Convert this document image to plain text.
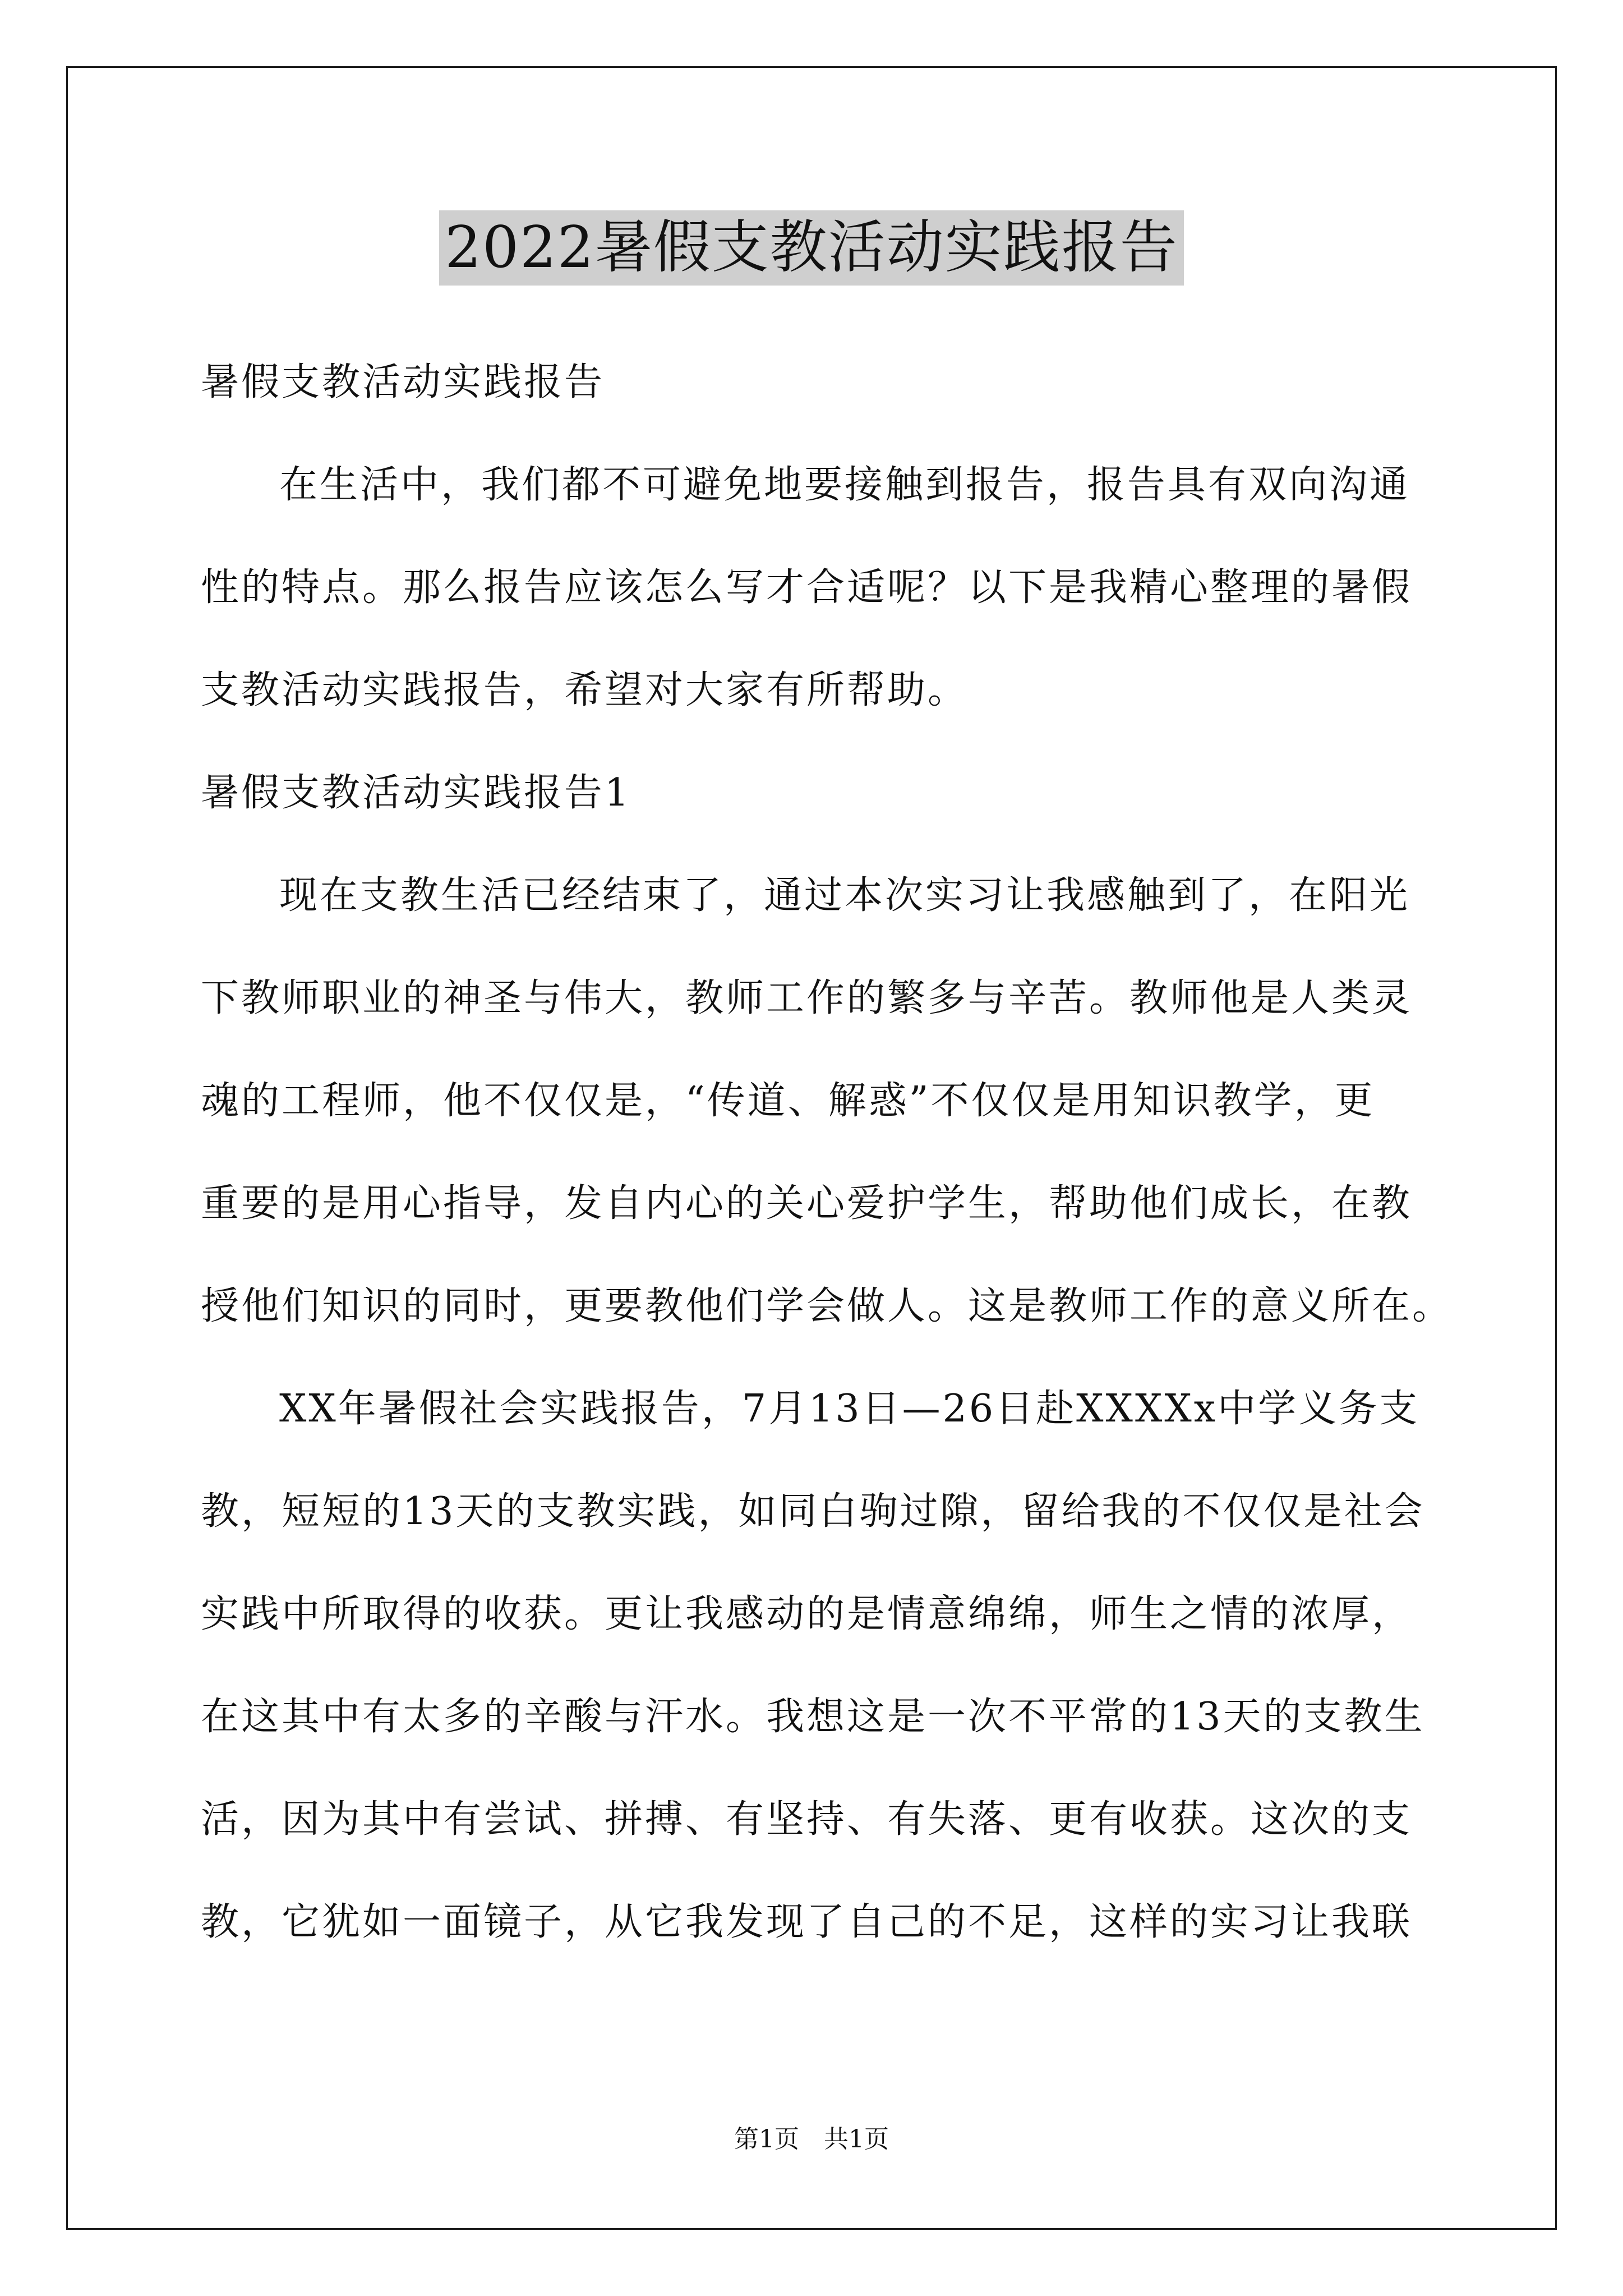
2022暑假支教活动实践报告
暑假支教活动实践报告
在生活中，我们都不可避免地要接触到报告，报告具有双向沟通
性的特点。那么报告应该怎么写才合适呢？以下是我精心整理的暑假
支教活动实践报告，希望对大家有所帮助。
暑假支教活动实践报告1
现在支教生活已经结束了，通过本次实习让我感触到了，在阳光
下教师职业的神圣与伟大，教师工作的繁多与辛苦。教师他是人类灵
魂的工程师，他不仅仅是，“传道、解惑”不仅仅是用知识教学，更
重要的是用心指导，发自内心的关心爱护学生，帮助他们成长，在教
授他们知识的同时，更要教他们学会做人。这是教师工作的意义所在。
XX年暑假社会实践报告，7月13日—26日赴XXXXx中学义务支
教，短短的13天的支教实践，如同白驹过隙，留给我的不仅仅是社会
实践中所取得的收获。更让我感动的是情意绵绵，师生之情的浓厚，
在这其中有太多的辛酸与汗水。我想这是一次不平常的13天的支教生
活，因为其中有尝试、拼搏、有坚持、有失落、更有收获。这次的支
教，它犹如一面镜子，从它我发现了自己的不足，这样的实习让我联
第1页　共1页
